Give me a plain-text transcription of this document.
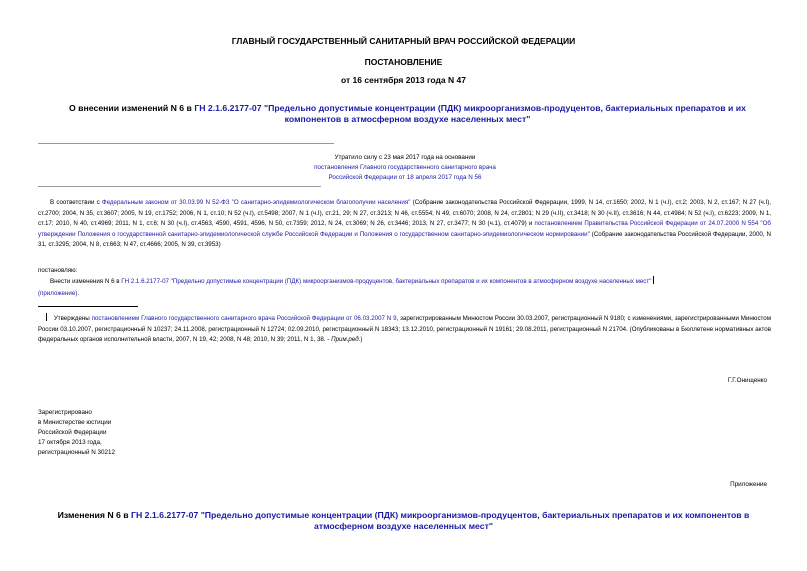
ГЛАВНЫЙ ГОСУДАРСТВЕННЫЙ САНИТАРНЫЙ ВРАЧ РОССИЙСКОЙ ФЕДЕРАЦИИ
ПОСТАНОВЛЕНИЕ
от 16 сентября 2013 года N 47
О внесении изменений N 6 в ГН 2.1.6.2177-07 "Предельно допустимые концентрации (ПДК) микроорганизмов-продуцентов, бактериальных препаратов и их компонентов в атмосферном воздухе населенных мест"
Утратило силу с 23 мая 2017 года на основании
постановления Главного государственного санитарного врача
Российской Федерации от 18 апреля 2017 года N 56
В соответствии с Федеральным законом от 30.03.99 N 52-ФЗ "О санитарно-эпидемиологическом благополучии населения" (Собрание законодательства Российской Федерации, 1999, N 14, ст.1650; 2002, N 1 (ч.I), ст.2; 2003, N 2, ст.167; N 27 (ч.I), ст.2700; 2004, N 35, ст.3607; 2005, N 19, ст.1752; 2006, N 1, ст.10; N 52 (ч.I), ст.5498; 2007, N 1 (ч.I), ст.21, 29; N 27, ст.3213; N 46, ст.5554; N 49, ст.6070; 2008, N 24, ст.2801; N 29 (ч.II), ст.3418; N 30 (ч.II), ст.3616; N 44, ст.4984; N 52 (ч.I), ст.6223; 2009, N 1, ст.17; 2010, N 40, ст.4969; 2011, N 1, ст.6; N 30 (ч.I), ст.4563, 4590, 4591, 4596, N 50, ст.7359; 2012, N 24, ст.3069; N 26, ст.3446; 2013, N 27, ст.3477; N 30 (ч.1), ст.4079) и постановлением Правительства Российской Федерации от 24.07.2000 N 554 "Об утверждении Положения о государственной санитарно-эпидемиологической службе Российской Федерации и Положения о государственном санитарно-эпидемиологическом нормировании" (Собрание законодательства Российской Федерации, 2000, N 31, ст.3295; 2004, N 8, ст.663; N 47, ст.4666; 2005, N 39, ст.3953)
постановляю:
Внести изменения N 6 в ГН 2.1.6.2177-07 "Предельно допустимые концентрации (ПДК) микроорганизмов-продуцентов, бактериальных препаратов и их компонентов в атмосферном воздухе населенных мест"
(приложение).
Утверждены постановлением Главного государственного санитарного врача Российской Федерации от 06.03.2007 N 9, зарегистрированным Минюстом России 30.03.2007, регистрационный N 9180; с изменениями, зарегистрированными Минюстом России 03.10.2007, регистрационный N 10237; 24.11.2008, регистрационный N 12724; 02.09.2010, регистрационный N 18343; 13.12.2010, регистрационный N 19161; 29.08.2011, регистрационный N 21704. (Опубликованы в Бюллетене нормативных актов федеральных органов исполнительной власти, 2007, N 19, 42; 2008, N 48; 2010, N 39; 2011, N 1, 38. - Прим.ред.)
Г.Г.Онищенко
Зарегистрировано
в Министерстве юстиции
Российской Федерации
17 октября 2013 года,
регистрационный N 30212
Приложение
Изменения N 6 в ГН 2.1.6.2177-07 "Предельно допустимые концентрации (ПДК) микроорганизмов-продуцентов, бактериальных препаратов и их компонентов в атмосферном воздухе населенных мест"
